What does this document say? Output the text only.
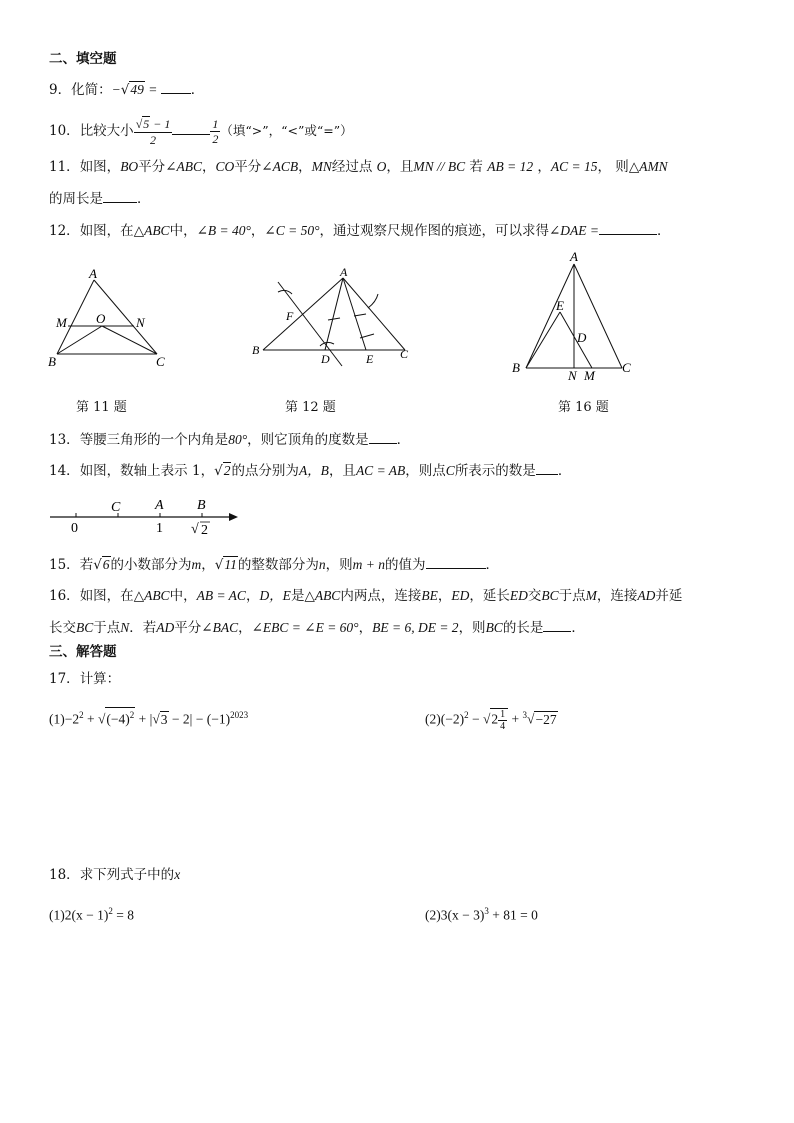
二、填空题
9．化简：−√49 = ．
10．比较大小 $\frac{√5 - 1}{2}$	$\frac{1}{2}$ （填“>”，“<”或“=”）
11．如图，BO平分∠ABC，CO平分∠ACB，MN经过点 O，且MN // BC 若 AB = 12 ，AC = 15， 则△AMN
的周长是	．
12．如图，在△ABC中，∠B = 40°，∠C = 50°，通过观察尺规作图的痕迹，可以求得∠DAE =	．
A
M O N
B	C
A
F
B
D	E C
A
E
D
B
N M
C
第 11 题	第 12 题	第 16 题
13．等腰三角形的一个内角是80°，则它顶角的度数是 ．
14．如图，数轴上表示 1，√2的点分别为A，B，且AC = AB，则点C所表示的数是 ．
C A B
0	1 √ 2
15．若√6的小数部分为m，√11的整数部分为n，则m + n的值为	．
16．如图，在△ABC中，AB = AC，D，E是△ABC内两点，连接BE，ED，延长ED交BC于点M，连接AD并延
长交BC于点N．若AD平分∠BAC，∠EBC = ∠E = 60°，BE = 6, DE = 2，则BC的长是 ．
三、解答题
17．计算：
$(1)-2^2 + √(-4)^2 + |√3 - 2| - (-1)^{2023}$	$(2)(-2)^2 - √2 \frac{1}{4} + ^3√-27$
18．求下列式子中的x
$(1)2(x - 1)^2 = 8$	$(2)3(x - 3)^3 + 81 = 0$
